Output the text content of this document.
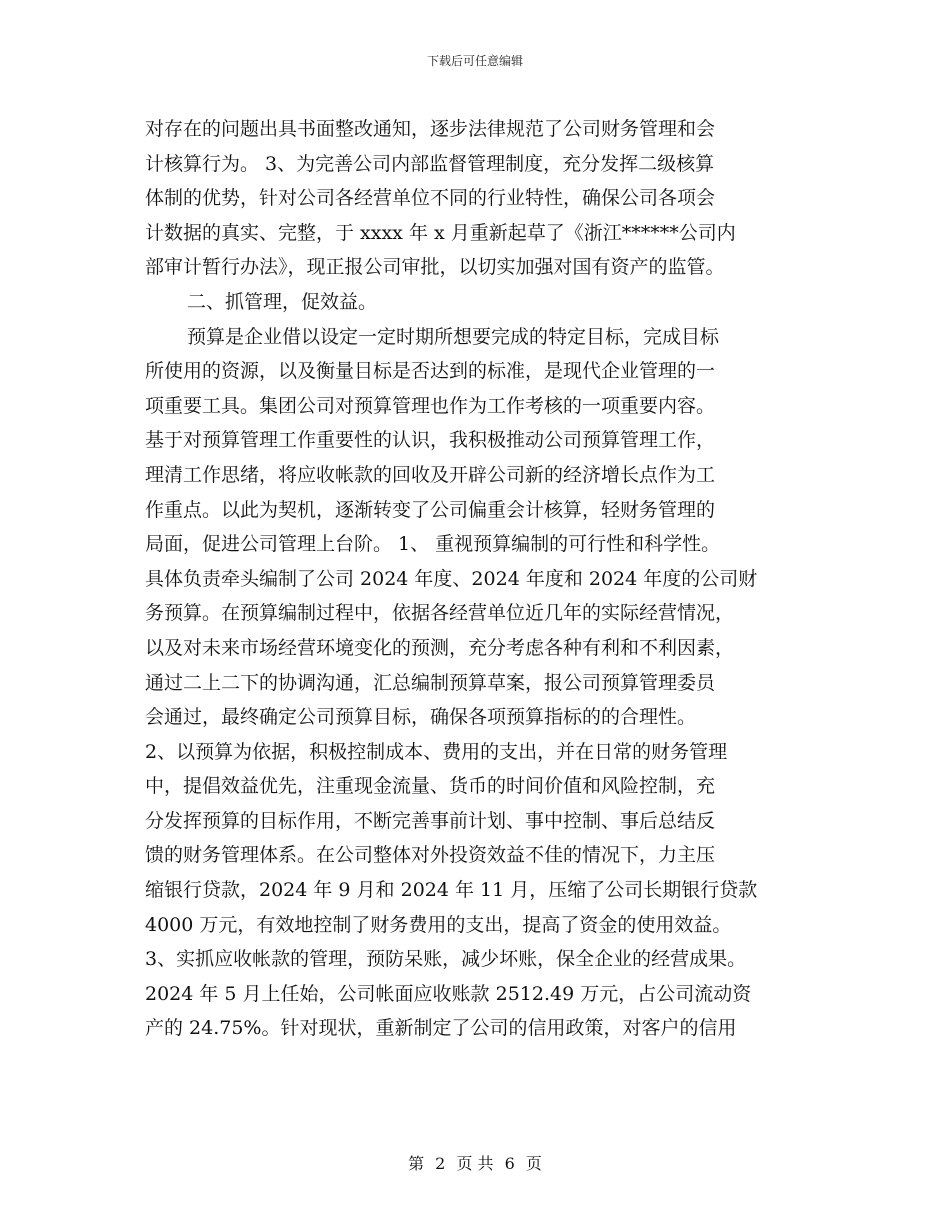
下载后可任意编辑
对存在的问题出具书面整改通知，逐步法律规范了公司财务管理和会
计核算行为。 3、为完善公司内部监督管理制度，充分发挥二级核算
体制的优势，针对公司各经营单位不同的行业特性，确保公司各项会
计数据的真实、完整，于 xxxx 年 x 月重新起草了《浙江******公司内
部审计暂行办法》，现正报公司审批，以切实加强对国有资产的监管。
二、抓管理，促效益。
预算是企业借以设定一定时期所想要完成的特定目标，完成目标
所使用的资源，以及衡量目标是否达到的标准，是现代企业管理的一
项重要工具。集团公司对预算管理也作为工作考核的一项重要内容。
基于对预算管理工作重要性的认识，我积极推动公司预算管理工作，
理清工作思绪，将应收帐款的回收及开辟公司新的经济增长点作为工
作重点。以此为契机，逐渐转变了公司偏重会计核算，轻财务管理的
局面，促进公司管理上台阶。 1、 重视预算编制的可行性和科学性。
具体负责牵头编制了公司 2024 年度、2024 年度和 2024 年度的公司财
务预算。在预算编制过程中，依据各经营单位近几年的实际经营情况，
以及对未来市场经营环境变化的预测，充分考虑各种有利和不利因素，
通过二上二下的协调沟通，汇总编制预算草案，报公司预算管理委员
会通过，最终确定公司预算目标，确保各项预算指标的的合理性。
2、以预算为依据，积极控制成本、费用的支出，并在日常的财务管理
中，提倡效益优先，注重现金流量、货币的时间价值和风险控制，充
分发挥预算的目标作用，不断完善事前计划、事中控制、事后总结反
馈的财务管理体系。在公司整体对外投资效益不佳的情况下，力主压
缩银行贷款，2024 年 9 月和 2024 年 11 月，压缩了公司长期银行贷款
4000 万元，有效地控制了财务费用的支出，提高了资金的使用效益。
3、实抓应收帐款的管理，预防呆账，减少坏账，保全企业的经营成果。
2024 年 5 月上任始，公司帐面应收账款 2512.49 万元，占公司流动资
产的 24.75%。针对现状，重新制定了公司的信用政策，对客户的信用
第 2 页 共 6 页
